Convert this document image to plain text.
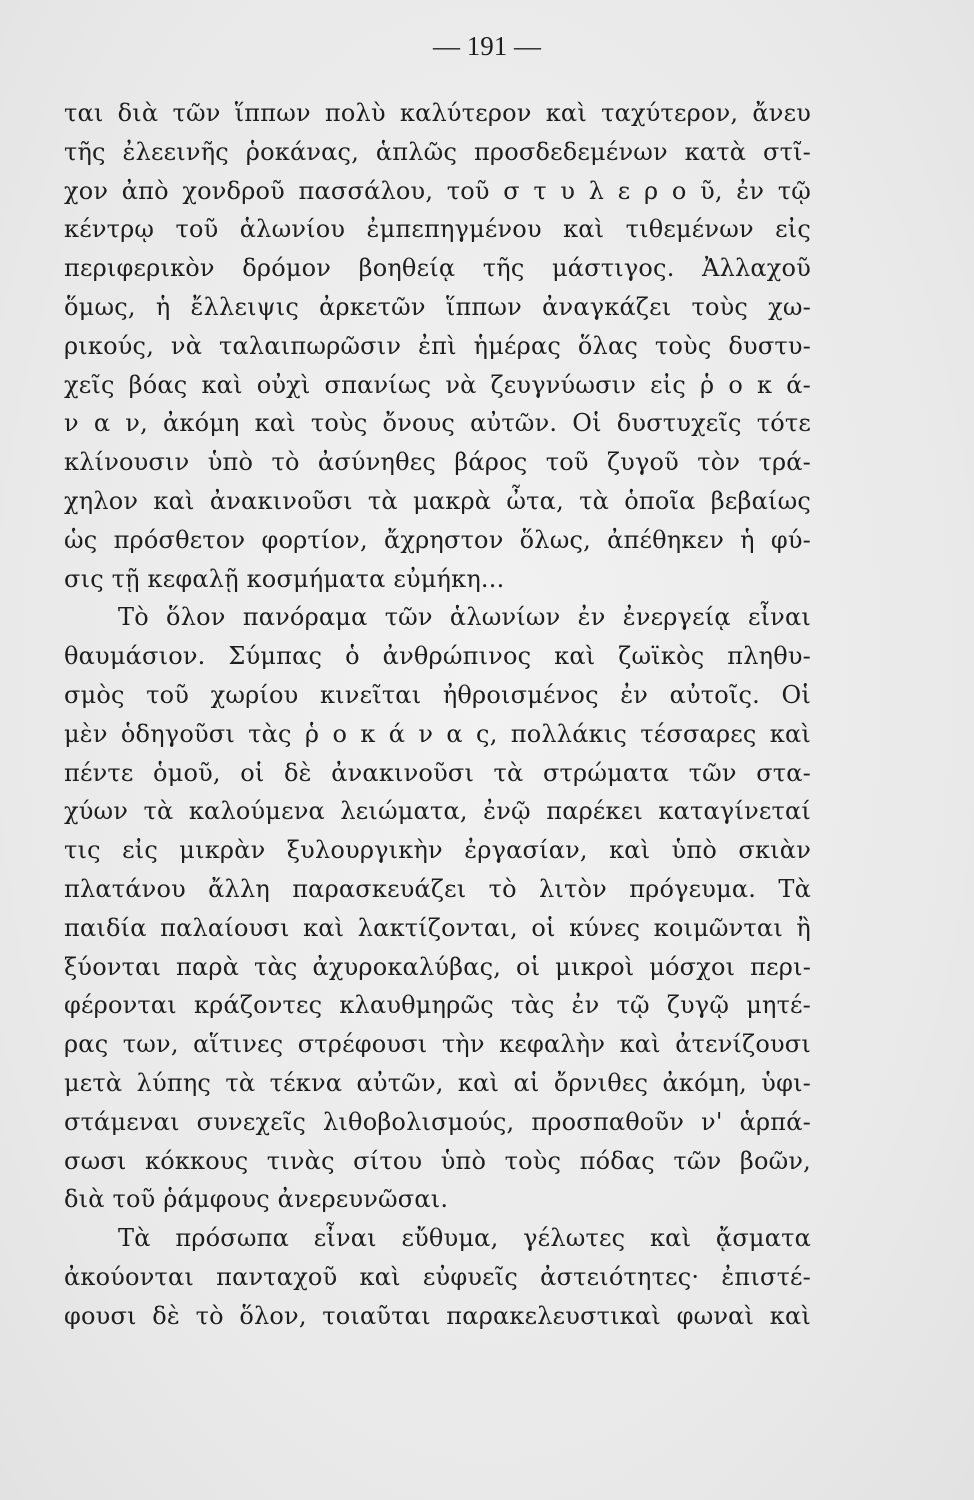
— 191 —
ται διὰ τῶν ἵππων πολὺ καλύτερον καὶ ταχύτερον, ἄνευ
τῆς ἐλεεινῆς ῥοκάνας, ἁπλῶς προσδεδεμένων κατὰ στῖ-
χον ἀπὸ χονδροῦ πασσάλου, τοῦ σ τ υ λ ε ρ ο ῦ, ἐν τῷ
κέντρῳ τοῦ ἁλωνίου ἐμπεπηγμένου καὶ τιθεμένων εἰς
περιφερικὸν δρόμον βοηθείᾳ τῆς μάστιγος. Ἀλλαχοῦ
ὅμως, ἡ ἔλλειψις ἀρκετῶν ἵππων ἀναγκάζει τοὺς χω-
ρικούς, νὰ ταλαιπωρῶσιν ἐπὶ ἡμέρας ὅλας τοὺς δυστυ-
χεῖς βόας καὶ οὐχὶ σπανίως νὰ ζευγνύωσιν εἰς ῥ ο κ ά-
ν α ν, ἀκόμη καὶ τοὺς ὄνους αὐτῶν. Οἱ δυστυχεῖς τότε
κλίνουσιν ὑπὸ τὸ ἀσύνηθες βάρος τοῦ ζυγοῦ τὸν τρά-
χηλον καὶ ἀνακινοῦσι τὰ μακρὰ ὦτα, τὰ ὁποῖα βεβαίως
ὡς πρόσθετον φορτίον, ἄχρηστον ὅλως, ἀπέθηκεν ἡ φύ-
σις τῇ κεφαλῇ κοσμήματα εὐμήκη...
Τὸ ὅλον πανόραμα τῶν ἁλωνίων ἐν ἐνεργείᾳ εἶναι
θαυμάσιον. Σύμπας ὁ ἀνθρώπινος καὶ ζωϊκὸς πληθυ-
σμὸς τοῦ χωρίου κινεῖται ἠθροισμένος ἐν αὐτοῖς. Οἱ
μὲν ὁδηγοῦσι τὰς ῥ ο κ ά ν α ς, πολλάκις τέσσαρες καὶ
πέντε ὁμοῦ, οἱ δὲ ἀνακινοῦσι τὰ στρώματα τῶν στα-
χύων τὰ καλούμενα λειώματα, ἐνῷ παρέκει καταγίνεταί
τις εἰς μικρὰν ξυλουργικὴν ἐργασίαν, καὶ ὑπὸ σκιὰν
πλατάνου ἄλλη παρασκευάζει τὸ λιτὸν πρόγευμα. Τὰ
παιδία παλαίουσι καὶ λακτίζονται, οἱ κύνες κοιμῶνται ἢ
ξύονται παρὰ τὰς ἀχυροκαλύβας, οἱ μικροὶ μόσχοι περι-
φέρονται κράζοντες κλαυθμηρῶς τὰς ἐν τῷ ζυγῷ μητέ-
ρας των, αἵτινες στρέφουσι τὴν κεφαλὴν καὶ ἀτενίζουσι
μετὰ λύπης τὰ τέκνα αὐτῶν, καὶ αἱ ὄρνιθες ἀκόμη, ὑφι-
στάμεναι συνεχεῖς λιθοβολισμούς, προσπαθοῦν ν' ἁρπά-
σωσι κόκκους τινὰς σίτου ὑπὸ τοὺς πόδας τῶν βοῶν,
διὰ τοῦ ῥάμφους ἀνερευνῶσαι.
Τὰ πρόσωπα εἶναι εὔθυμα, γέλωτες καὶ ᾄσματα
ἀκούονται πανταχοῦ καὶ εὐφυεῖς ἀστειότητες· ἐπιστέ-
φουσι δὲ τὸ ὅλον, τοιαῦται παρακελευστικαὶ φωναὶ καὶ
